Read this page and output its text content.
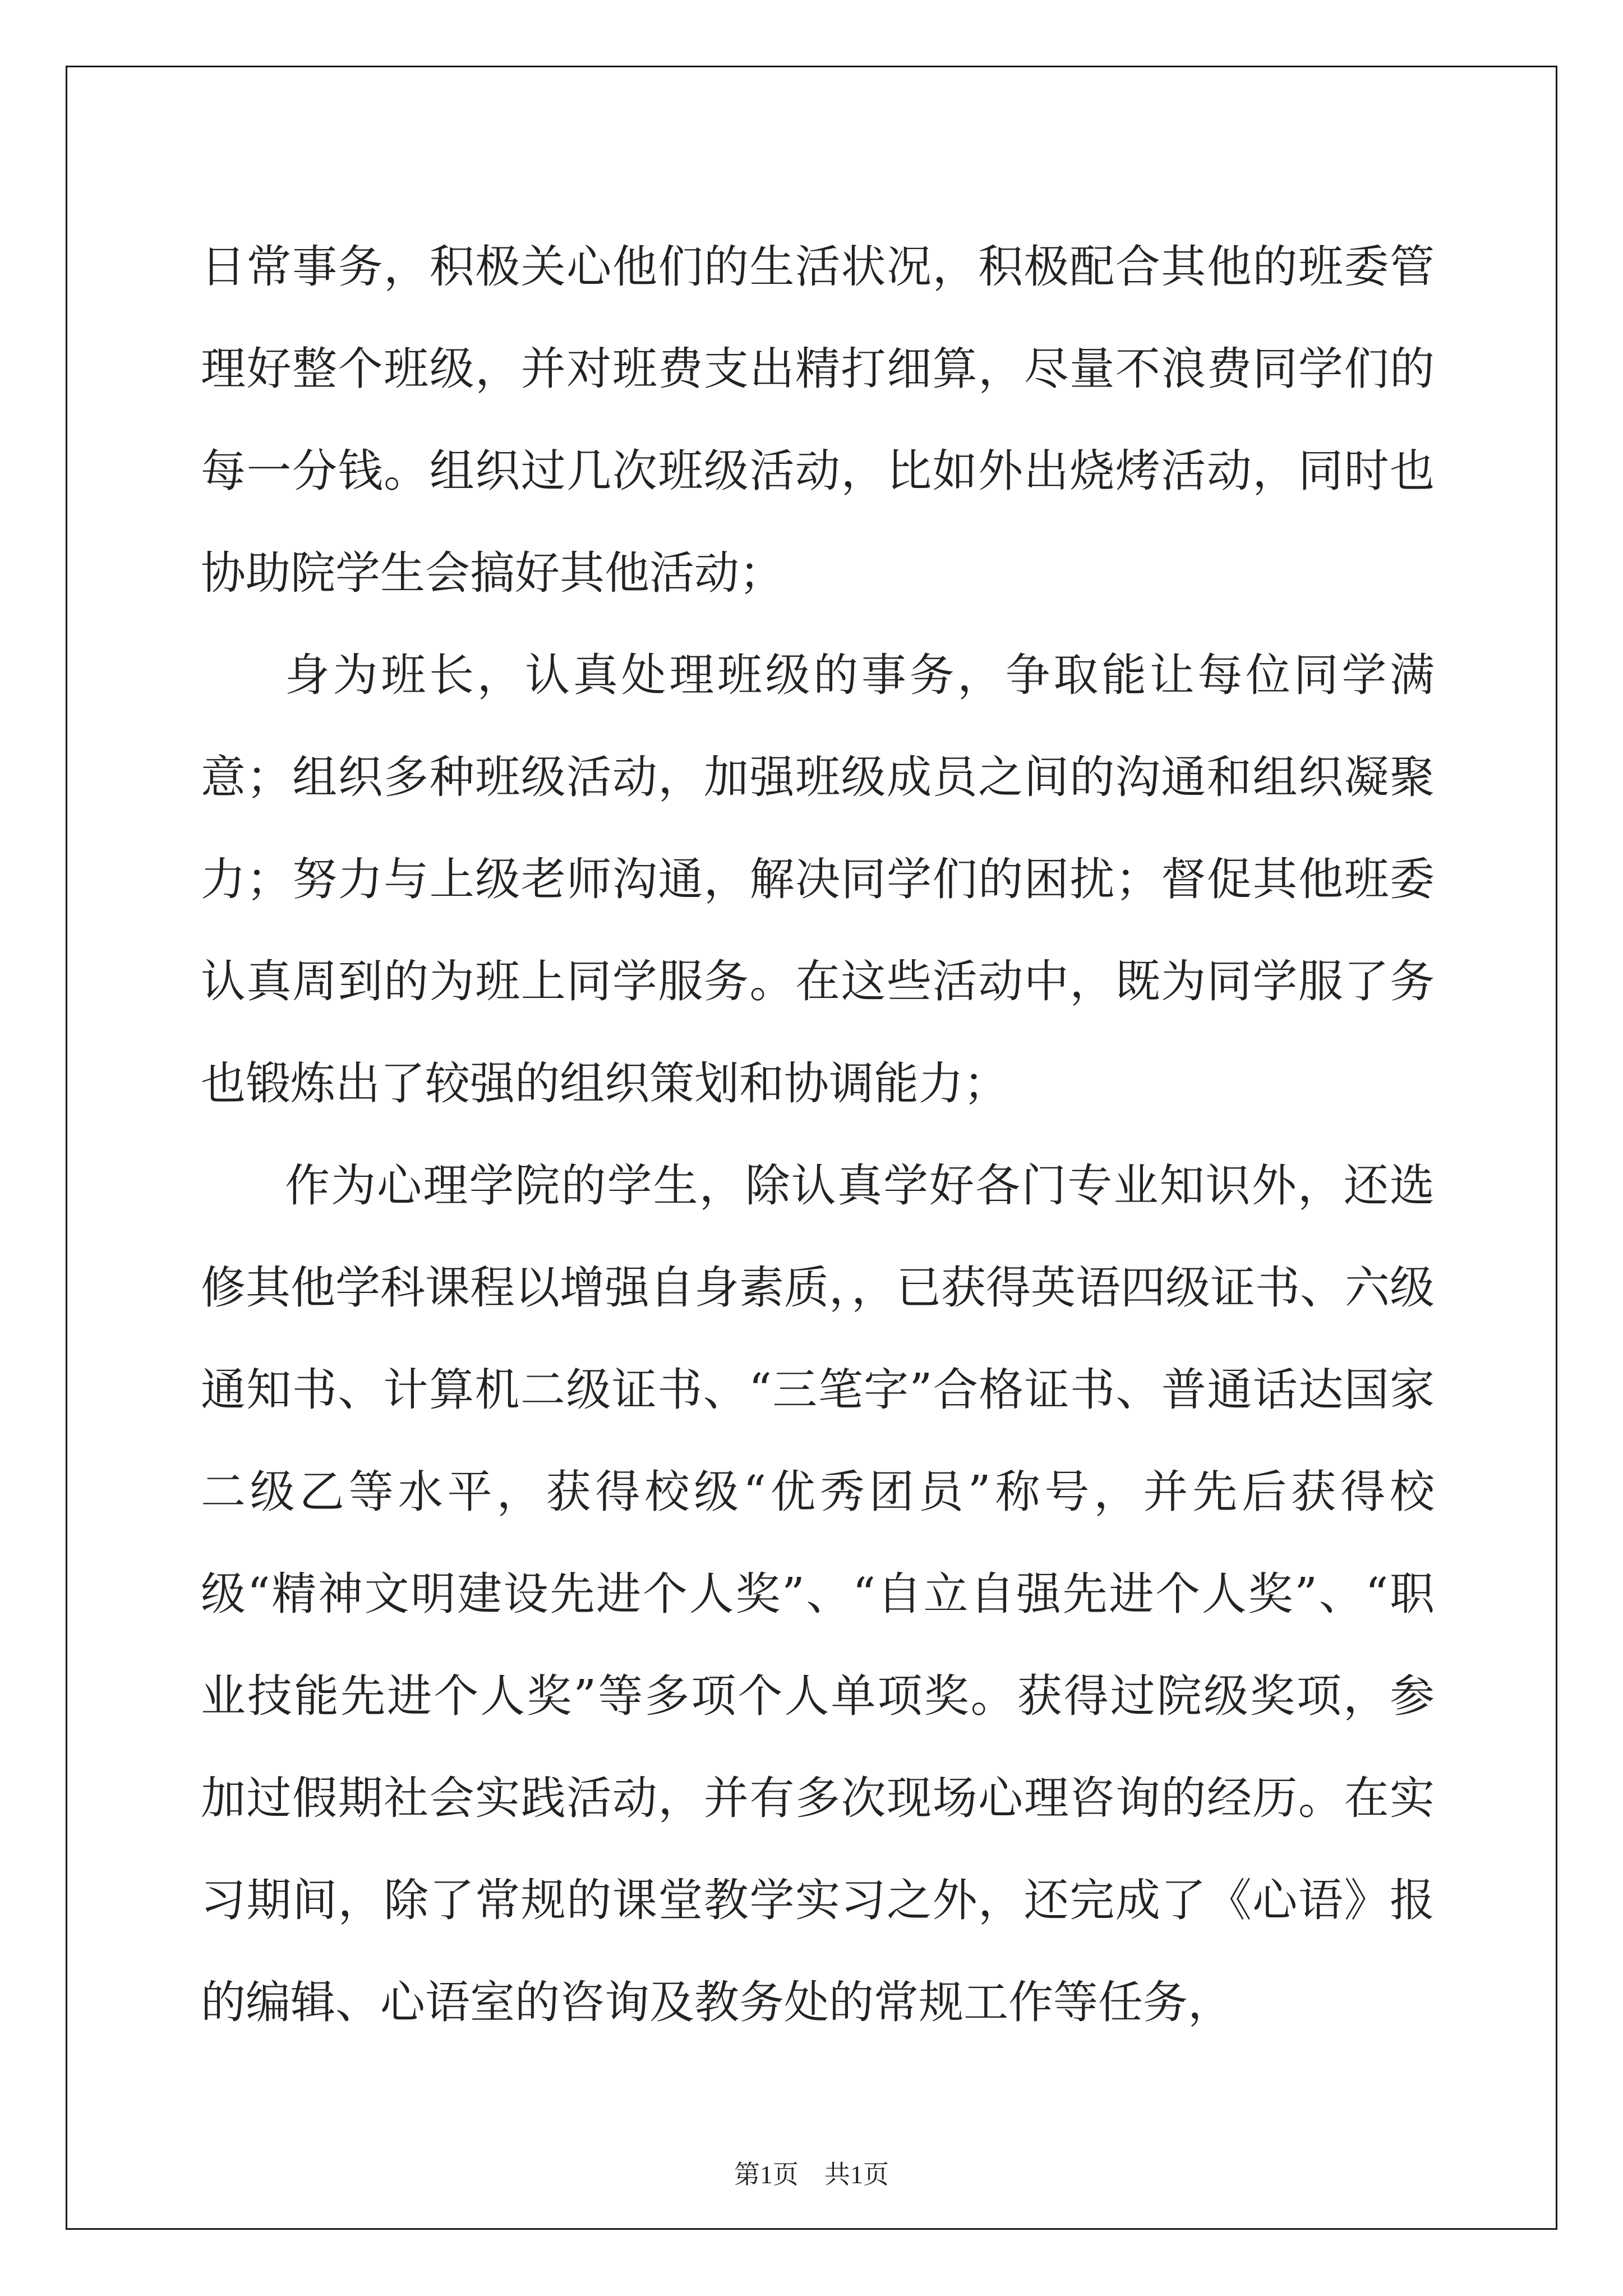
日常事务，积极关心他们的生活状况，积极配合其他的班委管理好整个班级，并对班费支出精打细算，尽量不浪费同学们的每一分钱。组织过几次班级活动，比如外出烧烤活动，同时也协助院学生会搞好其他活动；

身为班长，认真处理班级的事务，争取能让每位同学满意；组织多种班级活动，加强班级成员之间的沟通和组织凝聚力；努力与上级老师沟通，解决同学们的困扰；督促其他班委认真周到的为班上同学服务。在这些活动中，既为同学服了务也锻炼出了较强的组织策划和协调能力；

作为心理学院的学生，除认真学好各门专业知识外，还选修其他学科课程以增强自身素质，，已获得英语四级证书、六级通知书、计算机二级证书、“三笔字”合格证书、普通话达国家二级乙等水平，获得校级“优秀团员”称号，并先后获得校级“精神文明建设先进个人奖”、“自立自强先进个人奖”、“职业技能先进个人奖”等多项个人单项奖。获得过院级奖项，参加过假期社会实践活动，并有多次现场心理咨询的经历。在实习期间，除了常规的课堂教学实习之外，还完成了《心语》报的编辑、心语室的咨询及教务处的常规工作等任务，

第1页　共1页
